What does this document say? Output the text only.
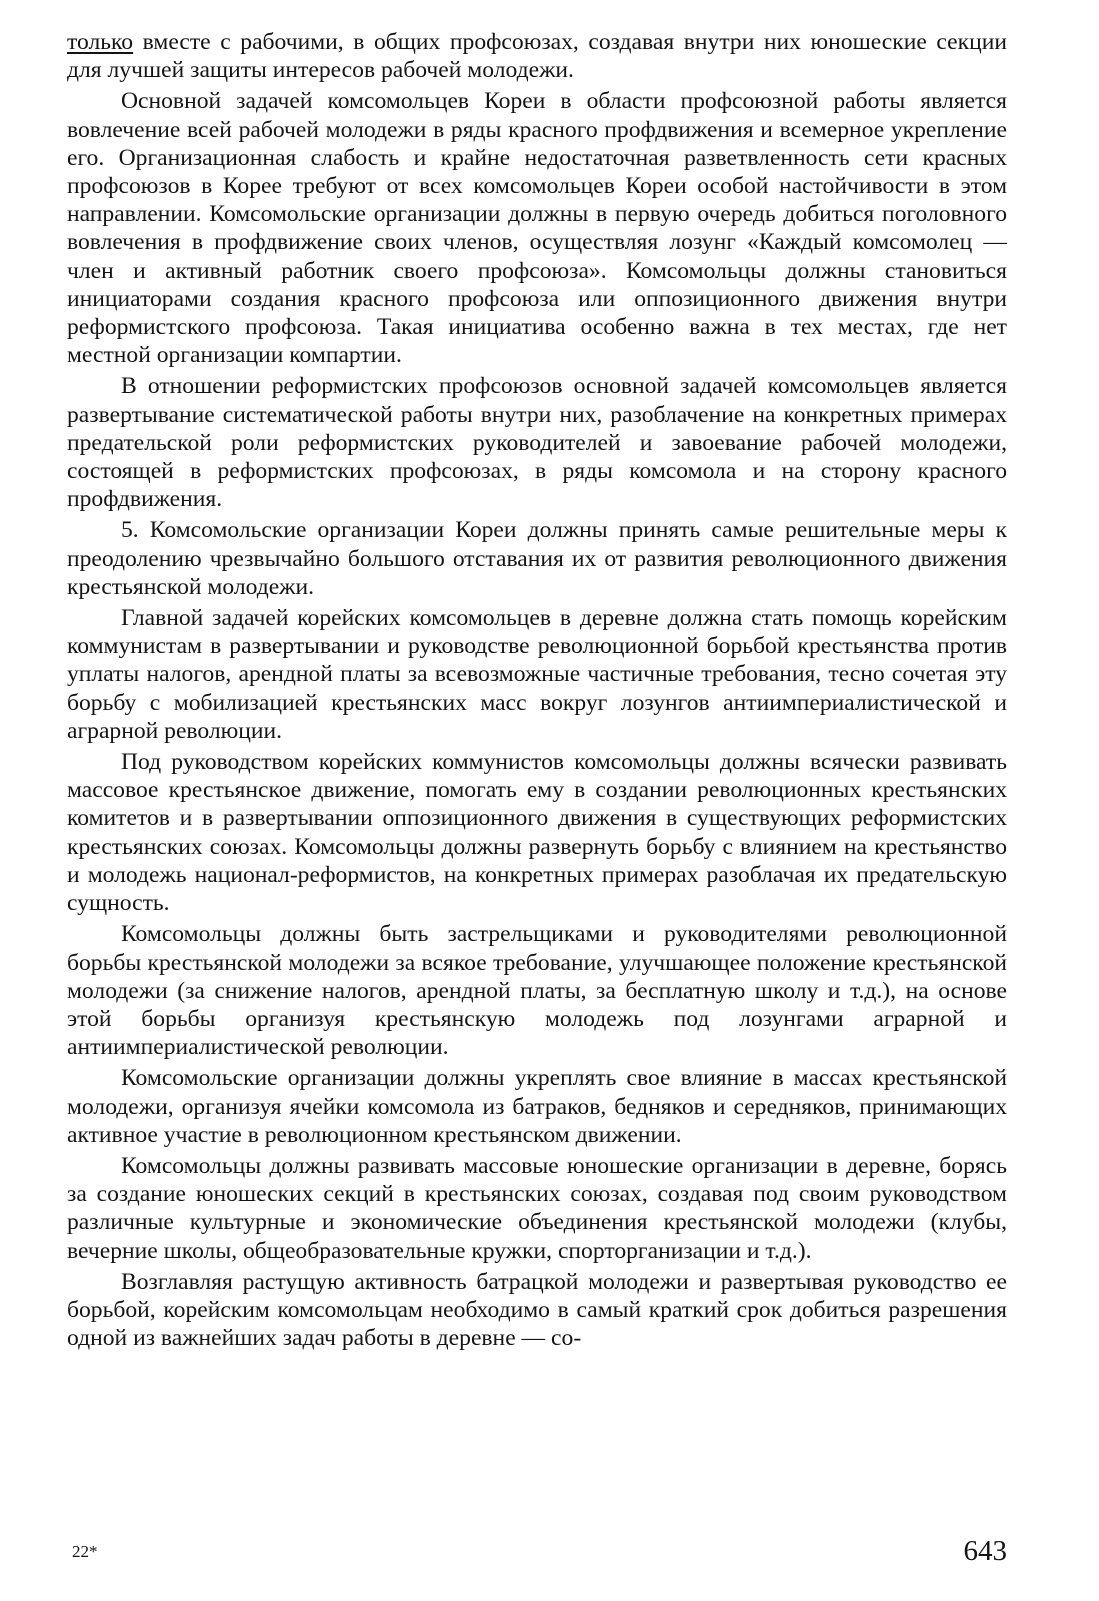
только вместе с рабочими, в общих профсоюзах, создавая внутри них юношеские секции для лучшей защиты интересов рабочей молодежи.

Основной задачей комсомольцев Кореи в области профсоюзной работы является вовлечение всей рабочей молодежи в ряды красного профдвижения и всемерное укрепление его. Организационная слабость и крайне недостаточная разветвленность сети красных профсоюзов в Корее требуют от всех комсомольцев Кореи особой настойчивости в этом направлении. Комсомольские организации должны в первую очередь добиться поголовного вовлечения в профдвижение своих членов, осуществляя лозунг «Каждый комсомолец — член и активный работник своего профсоюза». Комсомольцы должны становиться инициаторами создания красного профсоюза или оппозиционного движения внутри реформистского профсоюза. Такая инициатива особенно важна в тех местах, где нет местной организации компартии.

В отношении реформистских профсоюзов основной задачей комсомольцев является развертывание систематической работы внутри них, разоблачение на конкретных примерах предательской роли реформистских руководителей и завоевание рабочей молодежи, состоящей в реформистских профсоюзах, в ряды комсомола и на сторону красного профдвижения.

5. Комсомольские организации Кореи должны принять самые решительные меры к преодолению чрезвычайно большого отставания их от развития революционного движения крестьянской молодежи.

Главной задачей корейских комсомольцев в деревне должна стать помощь корейским коммунистам в развертывании и руководстве революционной борьбой крестьянства против уплаты налогов, арендной платы за всевозможные частичные требования, тесно сочетая эту борьбу с мобилизацией крестьянских масс вокруг лозунгов антиимпериалистической и аграрной революции.

Под руководством корейских коммунистов комсомольцы должны всячески развивать массовое крестьянское движение, помогать ему в создании революционных крестьянских комитетов и в развертывании оппозиционного движения в существующих реформистских крестьянских союзах. Комсомольцы должны развернуть борьбу с влиянием на крестьянство и молодежь национал-реформистов, на конкретных примерах разоблачая их предательскую сущность.

Комсомольцы должны быть застрельщиками и руководителями революционной борьбы крестьянской молодежи за всякое требование, улучшающее положение крестьянской молодежи (за снижение налогов, арендной платы, за бесплатную школу и т.д.), на основе этой борьбы организуя крестьянскую молодежь под лозунгами аграрной и антиимпериалистической революции.

Комсомольские организации должны укреплять свое влияние в массах крестьянской молодежи, организуя ячейки комсомола из батраков, бедняков и середняков, принимающих активное участие в революционном крестьянском движении.

Комсомольцы должны развивать массовые юношеские организации в деревне, борясь за создание юношеских секций в крестьянских союзах, создавая под своим руководством различные культурные и экономические объединения крестьянской молодежи (клубы, вечерние школы, общеобразовательные кружки, спорторганизации и т.д.).

Возглавляя растущую активность батрацкой молодежи и развертывая руководство ее борьбой, корейским комсомольцам необходимо в самый краткий срок добиться разрешения одной из важнейших задач работы в деревне — со-

22*	643
